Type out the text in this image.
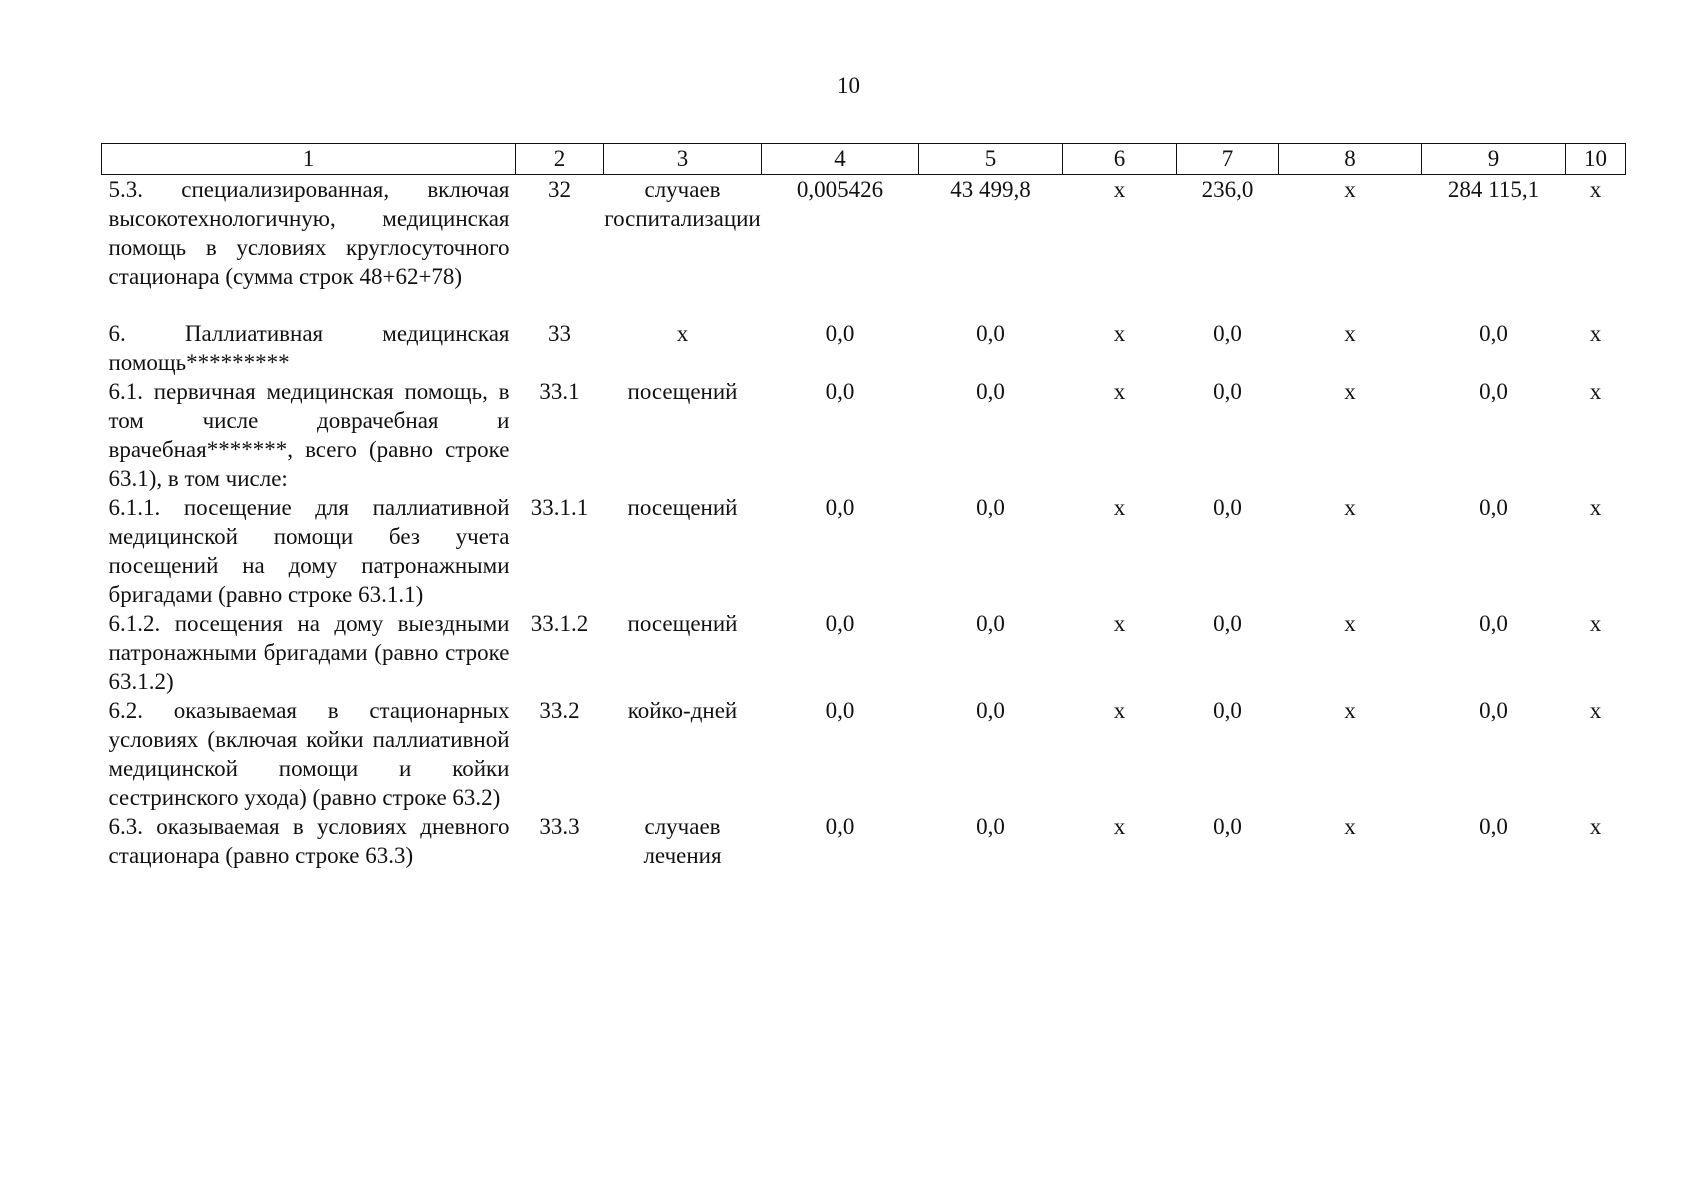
10
1	2	3	4	5	6	7	8	9	10
5.3. специализированная, включая высокотехнологичную, медицинская помощь в условиях круглосуточного стационара (сумма строк 48+62+78)	32	случаев госпитализации	0,005426	43 499,8	х	236,0	х	284 115,1	х

6. Паллиативная медицинская помощь*********	33	х	0,0	0,0	х	0,0	х	0,0	х
6.1. первичная медицинская помощь, в том числе доврачебная и врачебная*******, всего (равно строке 63.1), в том числе:	33.1	посещений	0,0	0,0	х	0,0	х	0,0	х
6.1.1. посещение для паллиативной медицинской помощи без учета посещений на дому патронажными бригадами (равно строке 63.1.1)	33.1.1	посещений	0,0	0,0	х	0,0	х	0,0	х
6.1.2. посещения на дому выездными патронажными бригадами (равно строке 63.1.2)	33.1.2	посещений	0,0	0,0	х	0,0	х	0,0	х
6.2. оказываемая в стационарных условиях (включая койки паллиативной медицинской помощи и койки сестринского ухода) (равно строке 63.2)	33.2	койко-дней	0,0	0,0	х	0,0	х	0,0	х
6.3. оказываемая в условиях дневного стационара (равно строке 63.3)	33.3	случаев лечения	0,0	0,0	х	0,0	х	0,0	х
